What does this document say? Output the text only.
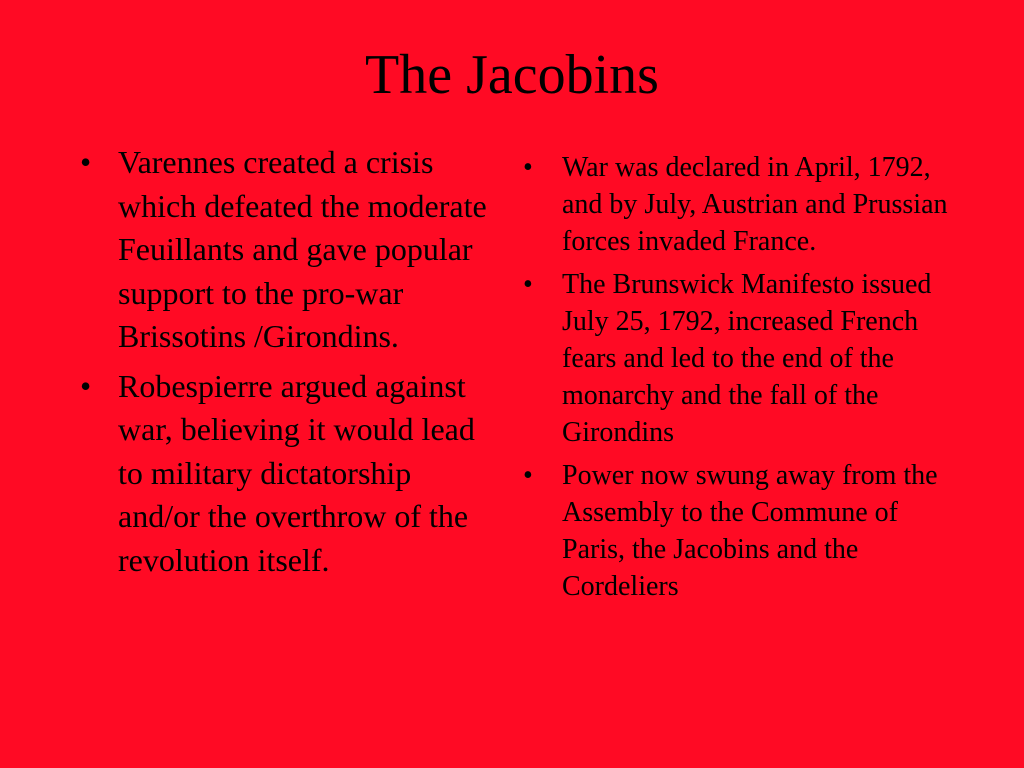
The Jacobins
• Varennes created a crisis which defeated the moderate Feuillants and gave popular support to the pro-war Brissotins /Girondins.
• Robespierre argued against war, believing it would lead to military dictatorship and/or the overthrow of the revolution itself.
• War was declared in April, 1792, and by July, Austrian and Prussian forces invaded France.
• The Brunswick Manifesto issued July 25, 1792, increased French fears and led to the end of the monarchy and the fall of the Girondins
• Power now swung away from the Assembly to the Commune of Paris, the Jacobins and the Cordeliers
